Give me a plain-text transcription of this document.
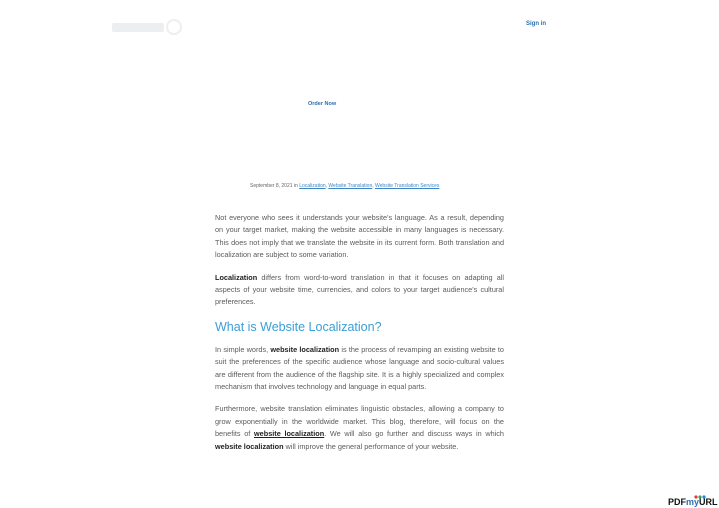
Sign in
Order Now
September 8, 2021 in Localization, Website Translation, Website Translation Services

Not everyone who sees it understands your website's language. As a result, depending on your target market, making the website accessible in many languages is necessary. This does not imply that we translate the website in its current form. Both translation and localization are subject to some variation.

Localization differs from word-to-word translation in that it focuses on adapting all aspects of your website time, currencies, and colors to your target audience's cultural preferences.

What is Website Localization?

In simple words, website localization is the process of revamping an existing website to suit the preferences of the specific audience whose language and socio-cultural values are different from the audience of the flagship site. It is a highly specialized and complex mechanism that involves technology and language in equal parts.

Furthermore, website translation eliminates linguistic obstacles, allowing a company to grow exponentially in the worldwide market. This blog, therefore, will focus on the benefits of website localization. We will also go further and discuss ways in which website localization will improve the general performance of your website.

PDFmyURL
